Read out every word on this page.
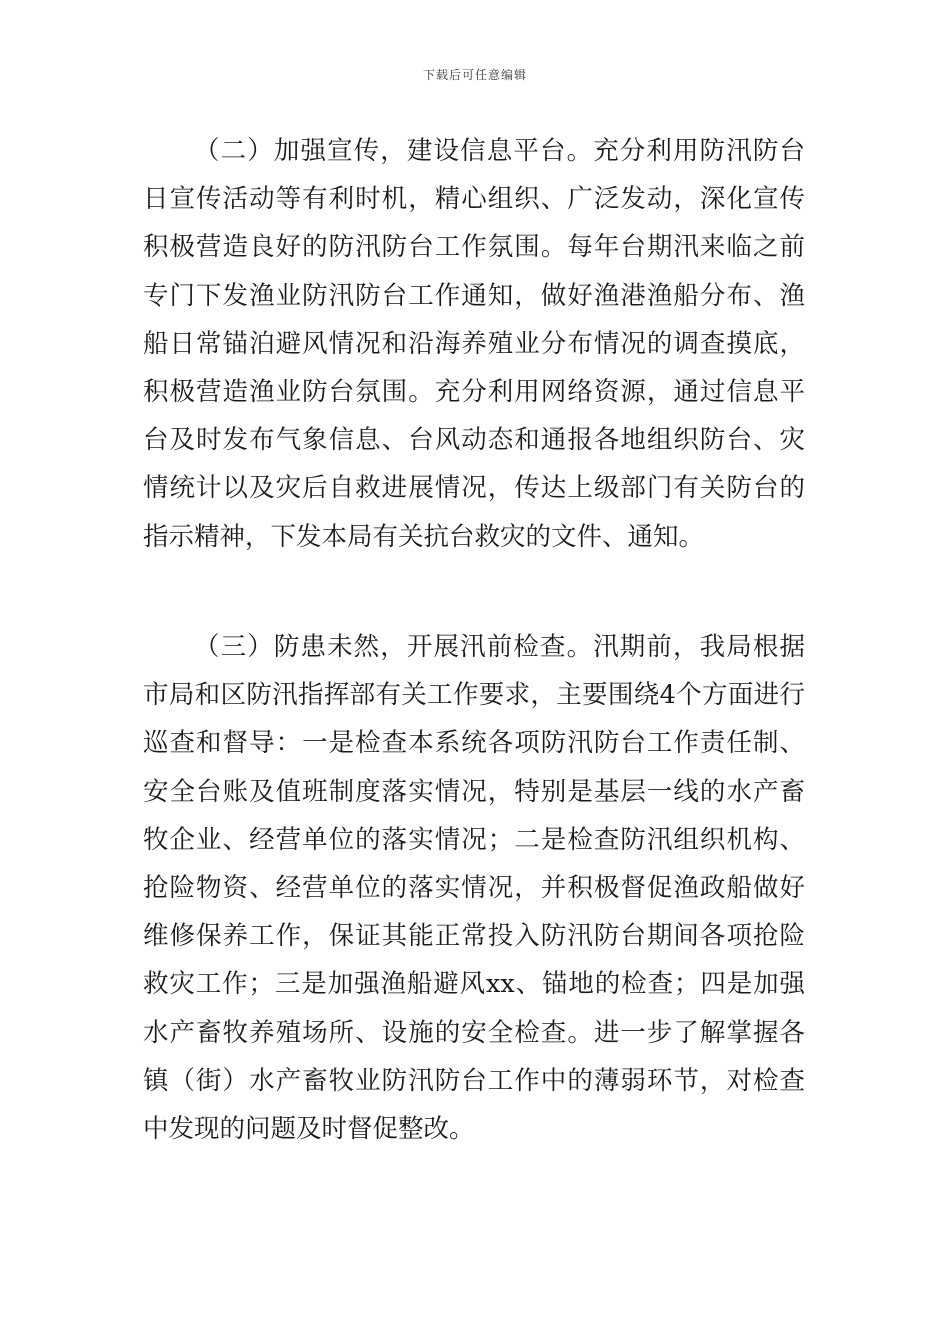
下载后可任意编辑

（二）加强宣传，建设信息平台。充分利用防汛防台日宣传活动等有利时机，精心组织、广泛发动，深化宣传积极营造良好的防汛防台工作氛围。每年台期汛来临之前专门下发渔业防汛防台工作通知，做好渔港渔船分布、渔船日常锚泊避风情况和沿海养殖业分布情况的调查摸底，积极营造渔业防台氛围。充分利用网络资源，通过信息平台及时发布气象信息、台风动态和通报各地组织防台、灾情统计以及灾后自救进展情况，传达上级部门有关防台的指示精神，下发本局有关抗台救灾的文件、通知。

（三）防患未然，开展汛前检查。汛期前，我局根据市局和区防汛指挥部有关工作要求，主要围绕4个方面进行巡查和督导：一是检查本系统各项防汛防台工作责任制、安全台账及值班制度落实情况，特别是基层一线的水产畜牧企业、经营单位的落实情况；二是检查防汛组织机构、抢险物资、经营单位的落实情况，并积极督促渔政船做好维修保养工作，保证其能正常投入防汛防台期间各项抢险救灾工作；三是加强渔船避风xx、锚地的检查；四是加强水产畜牧养殖场所、设施的安全检查。进一步了解掌握各镇（街）水产畜牧业防汛防台工作中的薄弱环节，对检查中发现的问题及时督促整改。
